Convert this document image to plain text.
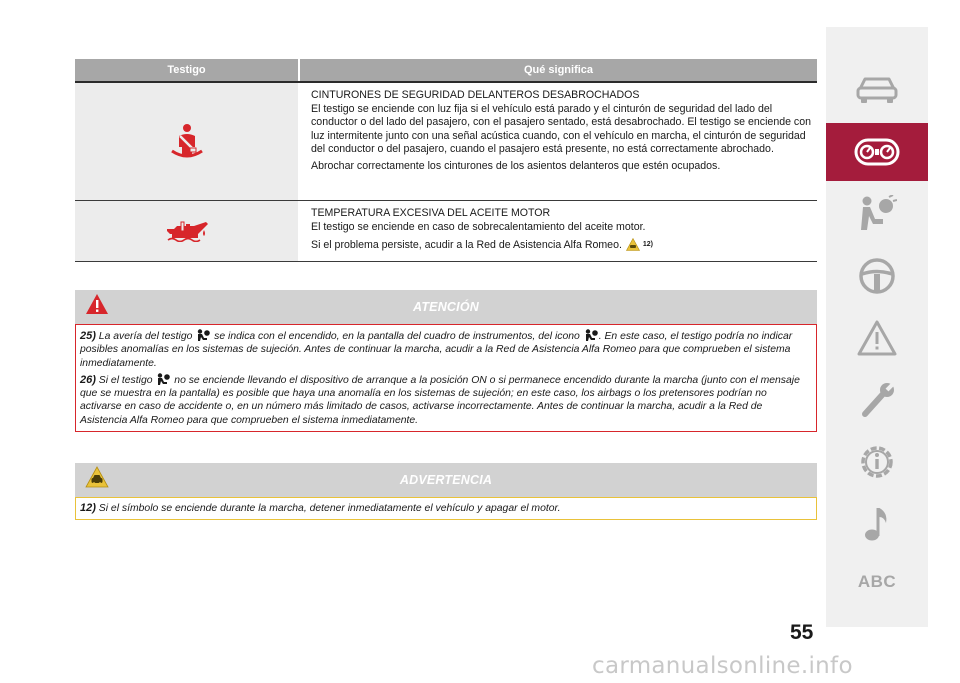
Testigo	Qué significa
CINTURONES DE SEGURIDAD DELANTEROS DESABROCHADOS

El testigo se enciende con luz fija si el vehículo está parado y el cinturón de seguridad del lado del conductor o del lado del pasajero, con el pasajero sentado, está desabrochado. El testigo se enciende con luz intermitente junto con una señal acústica cuando, con el vehículo en marcha, el cinturón de seguridad del conductor o del pasajero, cuando el pasajero está presente, no está correctamente abrochado.

Abrochar correctamente los cinturones de los asientos delanteros que estén ocupados.

TEMPERATURA EXCESIVA DEL ACEITE MOTOR

El testigo se enciende en caso de sobrecalentamiento del aceite motor.

Si el problema persiste, acudir a la Red de Asistencia Alfa Romeo.	12)

ATENCIÓN

25) La avería del testigo se indica con el encendido, en la pantalla del cuadro de instrumentos, del icono . En este caso, el testigo podría no indicar posibles anomalías en los sistemas de sujeción. Antes de continuar la marcha, acudir a la Red de Asistencia Alfa Romeo para que comprueben el sistema inmediatamente.

26) Si el testigo no se enciende llevando el dispositivo de arranque a la posición ON o si permanece encendido durante la marcha (junto con el mensaje que se muestra en la pantalla) es posible que haya una anomalía en los sistemas de sujeción; en este caso, los airbags o los pretensores podrían no activarse en caso de accidente o, en un número más limitado de casos, activarse incorrectamente. Antes de continuar la marcha, acudir a la Red de Asistencia Alfa Romeo para que comprueben el sistema inmediatamente.

ADVERTENCIA

12) Si el símbolo se enciende durante la marcha, detener inmediatamente el vehículo y apagar el motor.

ABC
55
carmanualsonline.info
